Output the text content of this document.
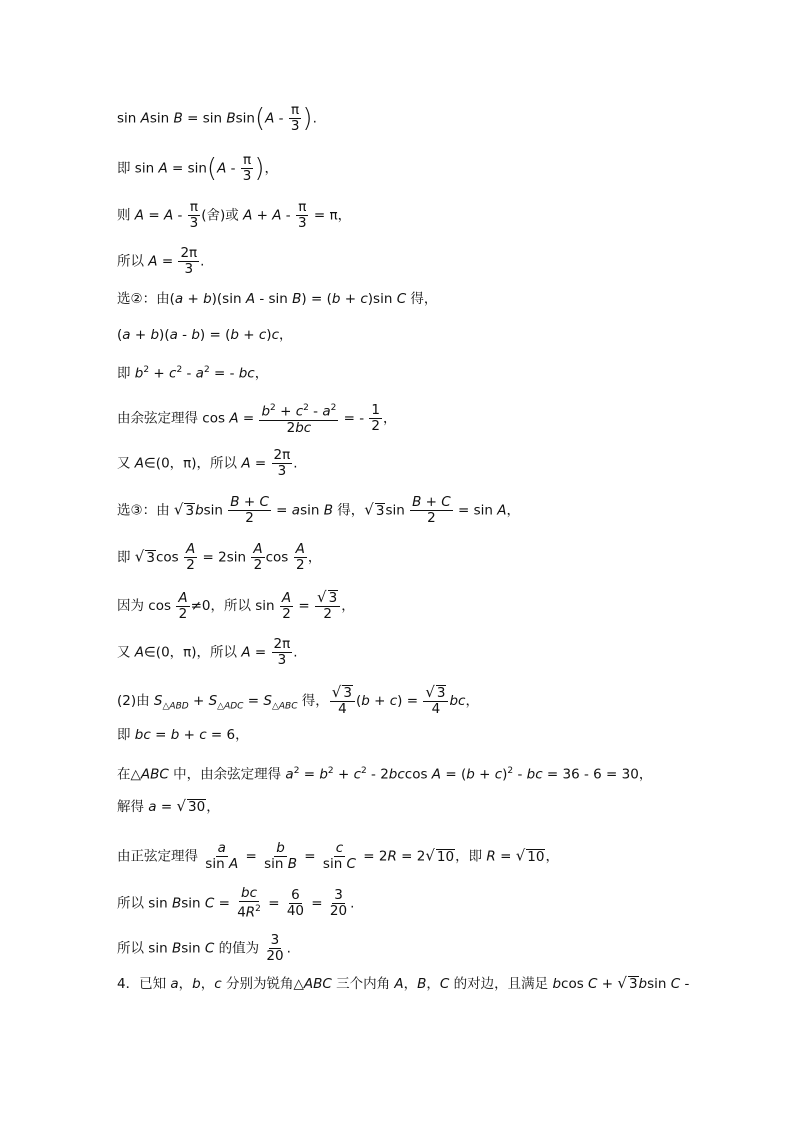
sin Asin $B = \sin Bsin(A - \frac{\pi}{3}$ ).
即 $\sin A = \sin(A - \frac{\pi}{3}$ )，
则 $A = A - \frac{\pi}{3}$ (舍)或 $A + A - \frac{\pi}{3} = \pi$，
所以 $A = \frac{2\pi}{3}$ .
选②：由(a + b)(sin A - sin B) = (b + c)sin C 得，
(a + b)(a - b) = (b + c)c，
即 $b^2 + c^2 - a^2$ = - bc，
由余弦定理得 $\cos A = \frac{b^2 + c^2 - a^2}{2bc}$ = - $\frac{1}{2}$ ，
又 A∈(0，π)，所以 $A = \frac{2\pi}{3}$ .
选③：由 √ $3bsin \frac{B + C}{2} = asin$ B 得，√ $3\sin \frac{B + C}{2} = \sin A$，
即 √ $3\cos \frac{A}{2} = 2\sin \frac{A}{2}$ $\cos \frac{A}{2}$ ，
因为 $\cos \frac{A}{2} \ne 0$，所以 $\sin \frac{A}{2} = \frac{√ 3}{2}$ ，
又 A∈(0，π)，所以 $A = \frac{2\pi}{3}$ .
(2)由 $S_{\triangle ABD} + S_{\triangle ADC} = S_{\triangle ABC}$ 得， $\frac{√ 3}{4} (b + c) = \frac{√ 3}{4}$ bc，
即 bc = b + c = 6，
在△ABC 中，由余弦定理得 $a^2 = b^2 + c^2 - 2bccos$ $A = (b + c)^2$ - bc = 36 - 6 = 30，
解得 a = √ 30，
由正弦定理得 $\frac{a}{\text{sin A}} = \frac{b}{\text{sin B}} = \frac{c}{\text{sin C}} = 2R = 2√$ 10，即 R = √ 10，
所以 sin Bsin $C = \frac{bc}{4R^2} = \frac{6}{40} = \frac{3}{20}$ .
所以 sin Bsin C 的值为 $\frac{3}{20}$ .
4．已知 a，b，c 分别为锐角△ABC 三个内角 A，B，C 的对边，且满足 bcos C + √ 3bsin C -
